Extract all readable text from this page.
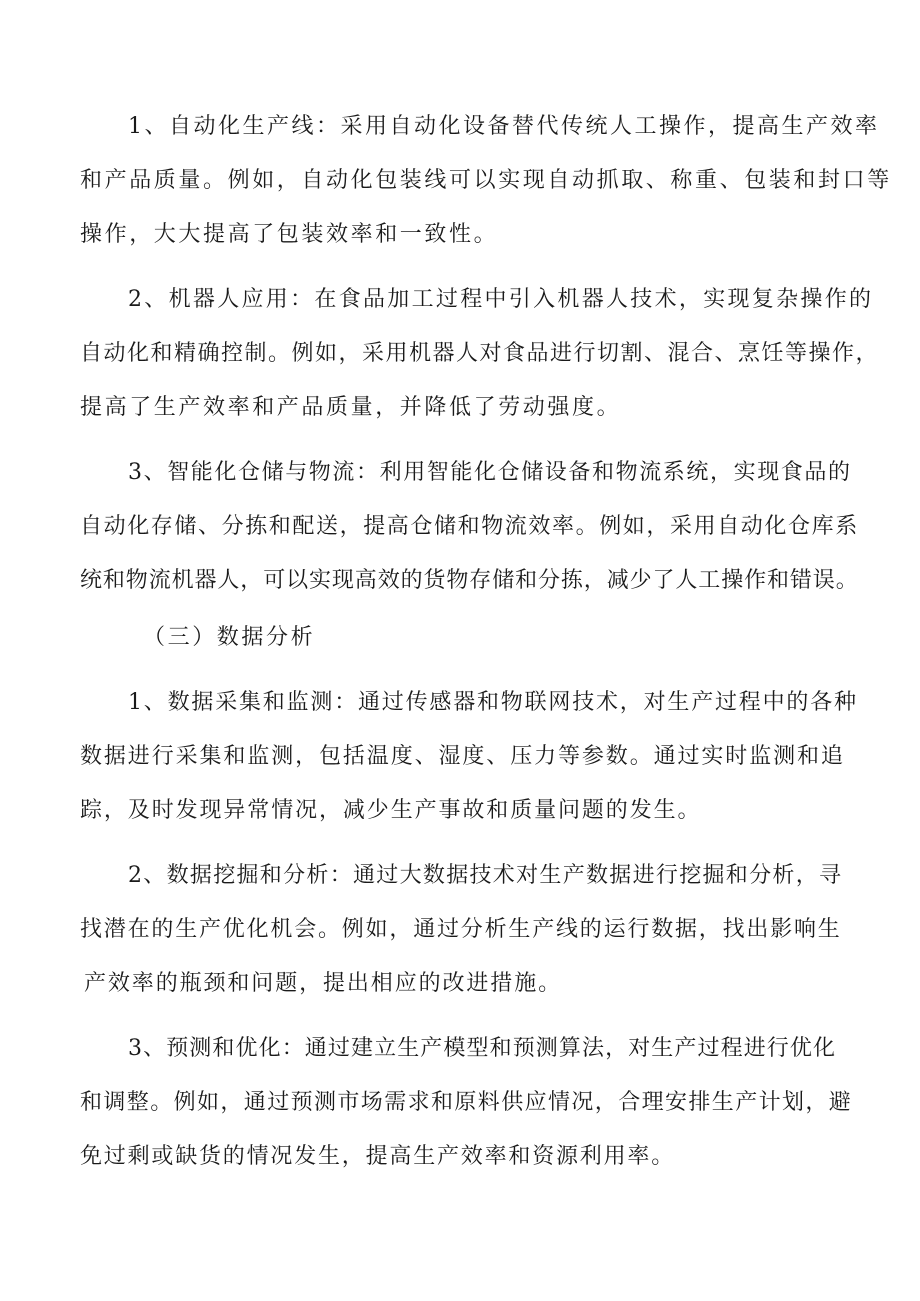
1、自动化生产线：采用自动化设备替代传统人工操作，提高生产效率
和产品质量。例如，自动化包装线可以实现自动抓取、称重、包装和封口等
操作，大大提高了包装效率和一致性。
2、机器人应用：在食品加工过程中引入机器人技术，实现复杂操作的
自动化和精确控制。例如，采用机器人对食品进行切割、混合、烹饪等操作，
提高了生产效率和产品质量，并降低了劳动强度。
3、智能化仓储与物流：利用智能化仓储设备和物流系统，实现食品的
自动化存储、分拣和配送，提高仓储和物流效率。例如，采用自动化仓库系
统和物流机器人，可以实现高效的货物存储和分拣，减少了人工操作和错误。
（三）数据分析
1、数据采集和监测：通过传感器和物联网技术，对生产过程中的各种
数据进行采集和监测，包括温度、湿度、压力等参数。通过实时监测和追
踪，及时发现异常情况，减少生产事故和质量问题的发生。
2、数据挖掘和分析：通过大数据技术对生产数据进行挖掘和分析，寻
找潜在的生产优化机会。例如，通过分析生产线的运行数据，找出影响生
产效率的瓶颈和问题，提出相应的改进措施。
3、预测和优化：通过建立生产模型和预测算法，对生产过程进行优化
和调整。例如，通过预测市场需求和原料供应情况，合理安排生产计划，避
免过剩或缺货的情况发生，提高生产效率和资源利用率。
